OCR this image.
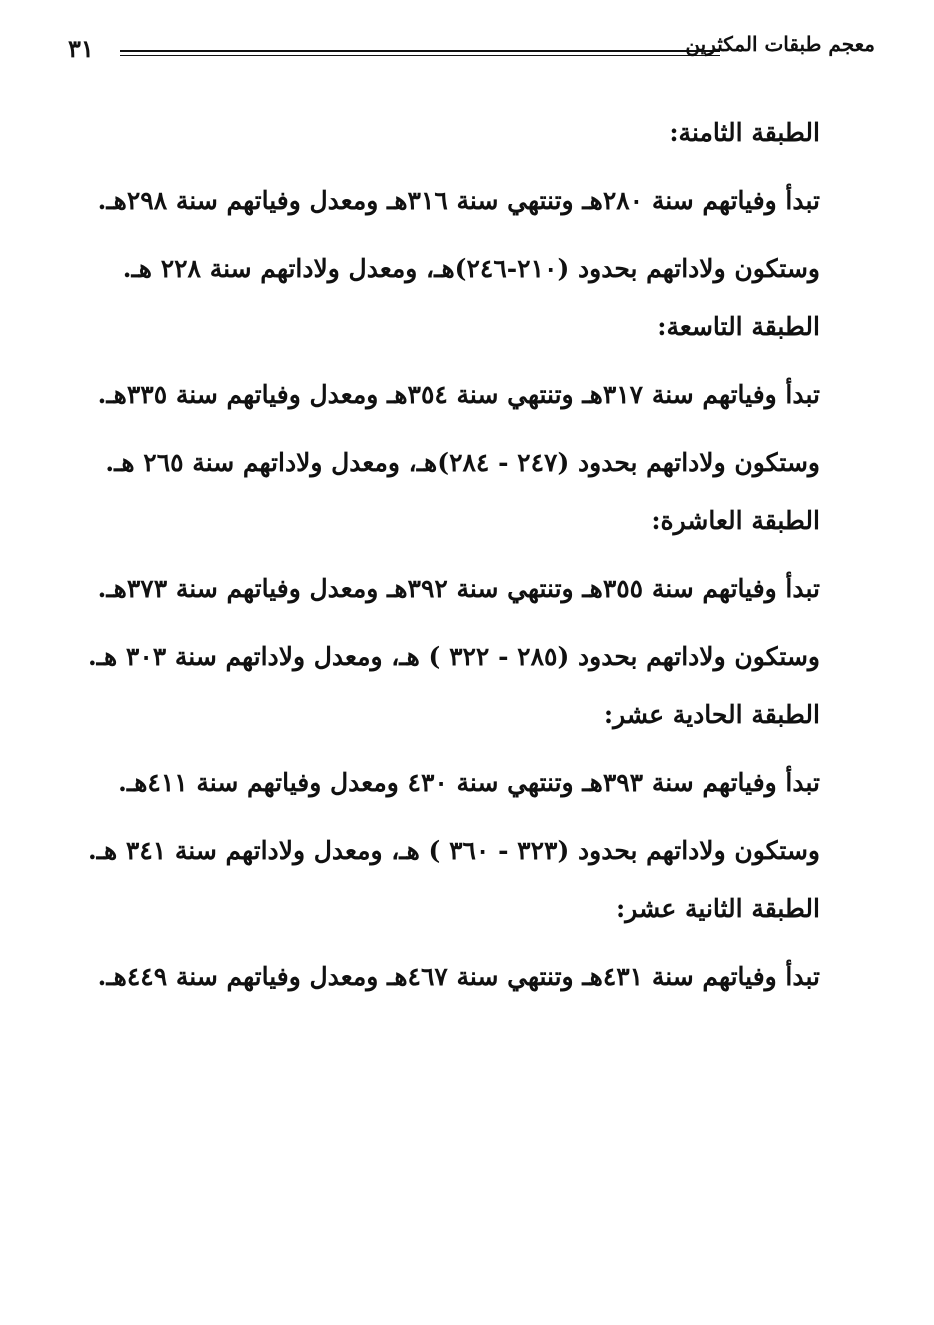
٣١	معجم طبقات المكثرين
الطبقة الثامنة:

تبدأ وفياتهم سنة ٢٨٠هـ وتنتهي سنة ٣١٦هـ ومعدل وفياتهم سنة ٢٩٨هـ.

وستكون ولاداتهم بحدود (٢١٠-٢٤٦)هـ، ومعدل ولاداتهم سنة ٢٢٨ هـ.

الطبقة التاسعة:

تبدأ وفياتهم سنة ٣١٧هـ وتنتهي سنة ٣٥٤هـ ومعدل وفياتهم سنة ٣٣٥هـ.

وستكون ولاداتهم بحدود (٢٤٧ - ٢٨٤)هـ، ومعدل ولاداتهم سنة ٢٦٥ هـ.

الطبقة العاشرة:

تبدأ وفياتهم سنة ٣٥٥هـ وتنتهي سنة ٣٩٢هـ ومعدل وفياتهم سنة ٣٧٣هـ.

وستكون ولاداتهم بحدود (٢٨٥ - ٣٢٢ ) هـ، ومعدل ولاداتهم سنة ٣٠٣ هـ.

الطبقة الحادية عشر:

تبدأ وفياتهم سنة ٣٩٣هـ وتنتهي سنة ٤٣٠ ومعدل وفياتهم سنة ٤١١هـ.

وستكون ولاداتهم بحدود (٣٢٣ - ٣٦٠ ) هـ، ومعدل ولاداتهم سنة ٣٤١ هـ.

الطبقة الثانية عشر:

تبدأ وفياتهم سنة ٤٣١هـ وتنتهي سنة ٤٦٧هـ ومعدل وفياتهم سنة ٤٤٩هـ.
